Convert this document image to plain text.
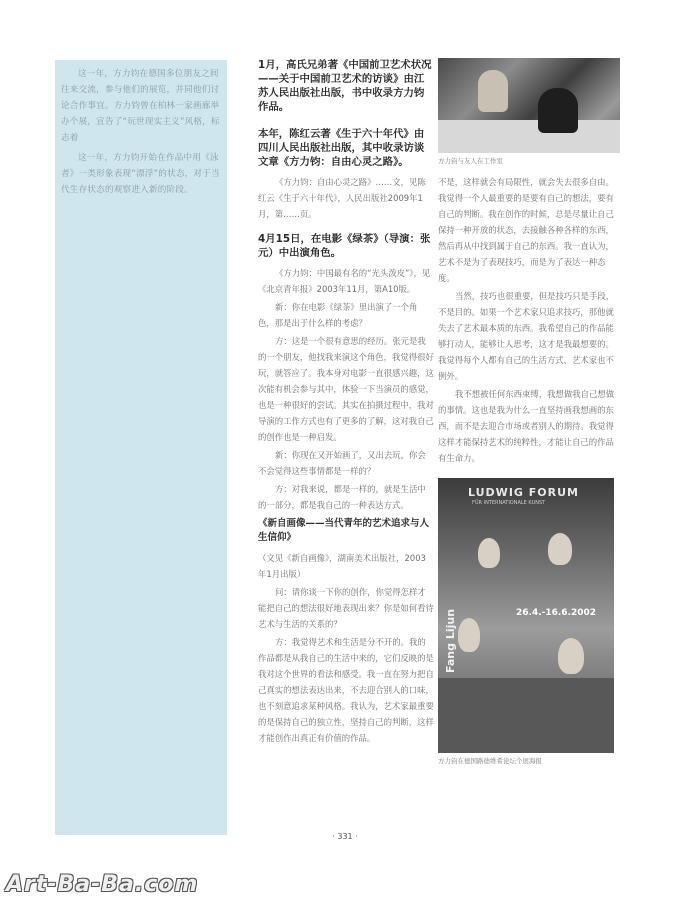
这一年，方力钧在德国多位朋友之间往来交流，参与他们的展览，并同他们讨论合作事宜。方力钧曾在柏林一家画廊举办个展，宣告了“玩世现实主义”风格，标志着

这一年，方力钧开始在作品中用《泳者》一类形象表现“漂浮”的状态，对于当代生存状态的观察进入新的阶段。

1月，高氏兄弟著《中国前卫艺术状况——关于中国前卫艺术的访谈》由江苏人民出版社出版，书中收录方力钧作品。
本年，陈红云著《生于六十年代》由四川人民出版社出版，其中收录访谈文章《方力钧：自由心灵之路》。
《方力钧：自由心灵之路》……文，见陈红云《生于六十年代》，人民出版社2009年1月，第……页。
4月15日，在电影《绿茶》（导演：张元）中出演角色。
《方力钧：中国最有名的“光头泼皮”》，见《北京青年报》2003年11月，第A10版。
新：你在电影《绿茶》里出演了一个角色，那是出于什么样的考虑？
方：这是一个很有意思的经历。张元是我的一个朋友，他找我来演这个角色，我觉得很好玩，就答应了。我本身对电影一直很感兴趣，这次能有机会参与其中，体验一下当演员的感觉，也是一种很好的尝试。其实在拍摄过程中，我对导演的工作方式也有了更多的了解，这对我自己的创作也是一种启发。
新：你现在又开始画了，又出去玩，你会不会觉得这些事情都是一样的？
方：对我来说，都是一样的，就是生活中的一部分，都是我自己的一种表达方式。
《新自画像——当代青年的艺术追求与人生信仰》
（文见《新自画像》，湖南美术出版社，2003年1月出版）
问：请你谈一下你的创作，你觉得怎样才能把自己的想法很好地表现出来？你是如何看待艺术与生活的关系的？
方：我觉得艺术和生活是分不开的。我的作品都是从我自己的生活中来的，它们反映的是我对这个世界的看法和感受。我一直在努力把自己真实的想法表达出来，不去迎合别人的口味，也不刻意追求某种风格。我认为，艺术家最重要的是保持自己的独立性，坚持自己的判断，这样才能创作出真正有价值的作品。
方力钧与友人在工作室
不是，这样就会有局限性，就会失去很多自由。我觉得一个人最重要的是要有自己的想法，要有自己的判断。我在创作的时候，总是尽量让自己保持一种开放的状态，去接触各种各样的东西，然后再从中找到属于自己的东西。我一直认为，艺术不是为了表现技巧，而是为了表达一种态度。
当然，技巧也很重要，但是技巧只是手段，不是目的。如果一个艺术家只追求技巧，那他就失去了艺术最本质的东西。我希望自己的作品能够打动人，能够让人思考，这才是我最想要的。我觉得每个人都有自己的生活方式，艺术家也不例外。
我不想被任何东西束缚，我想做我自己想做的事情。这也是我为什么一直坚持画我想画的东西，而不是去迎合市场或者别人的期待。我觉得这样才能保持艺术的纯粹性，才能让自己的作品有生命力。
LUDWIG FORUM
FÜR INTERNATIONALE KUNST
26.4.-16.6.2002
Fang Lijun
方力钧在德国路德维希论坛个展海报
· 331 ·
Art-Ba-Ba.com
